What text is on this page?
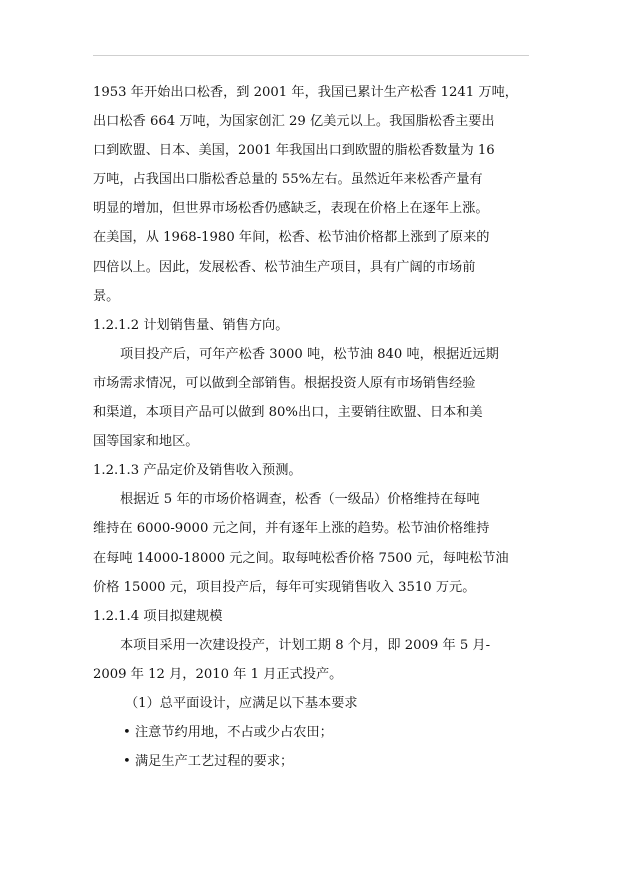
1953 年开始出口松香，到 2001 年，我国已累计生产松香 1241 万吨，
出口松香 664 万吨，为国家创汇 29 亿美元以上。我国脂松香主要出
口到欧盟、日本、美国，2001 年我国出口到欧盟的脂松香数量为 16
万吨，占我国出口脂松香总量的 55%左右。虽然近年来松香产量有
明显的增加，但世界市场松香仍感缺乏，表现在价格上在逐年上涨。
在美国，从 1968-1980 年间，松香、松节油价格都上涨到了原来的
四倍以上。因此，发展松香、松节油生产项目，具有广阔的市场前
景。
1.2.1.2 计划销售量、销售方向。
项目投产后，可年产松香 3000 吨，松节油 840 吨，根据近远期
市场需求情况，可以做到全部销售。根据投资人原有市场销售经验
和渠道，本项目产品可以做到 80%出口，主要销往欧盟、日本和美
国等国家和地区。
1.2.1.3 产品定价及销售收入预测。
根据近 5 年的市场价格调查，松香（一级品）价格维持在每吨
维持在 6000-9000 元之间，并有逐年上涨的趋势。松节油价格维持
在每吨 14000-18000 元之间。取每吨松香价格 7500 元，每吨松节油
价格 15000 元，项目投产后，每年可实现销售收入 3510 万元。
1.2.1.4 项目拟建规模
本项目采用一次建设投产，计划工期 8 个月，即 2009 年 5 月-
2009 年 12 月，2010 年 1 月正式投产。
（1）总平面设计，应满足以下基本要求
• 注意节约用地，不占或少占农田；
• 满足生产工艺过程的要求；
